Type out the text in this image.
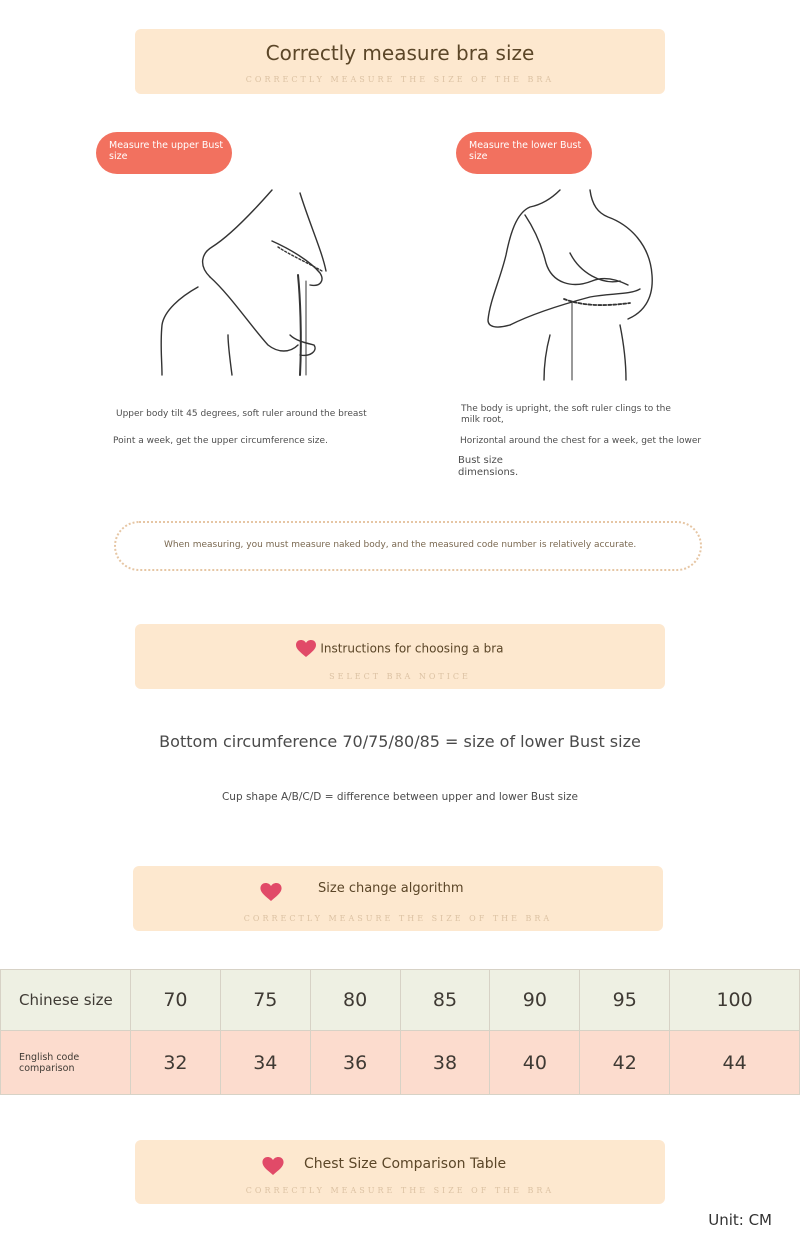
Correctly measure bra size
CORRECTLY MEASURE THE SIZE OF THE BRA
Measure the upper Bust size
Measure the lower Bust size
Upper body tilt 45 degrees, soft ruler around the breast
Point a week, get the upper circumference size.
The body is upright, the soft ruler clings to the milk root,
Horizontal around the chest for a week, get the lower
Bust size dimensions.
When measuring, you must measure naked body, and the measured code number is relatively accurate.
Instructions for choosing a bra
SELECT BRA NOTICE
Bottom circumference 70/75/80/85 = size of lower Bust size
Cup shape A/B/C/D = difference between upper and lower Bust size
Size change algorithm
CORRECTLY MEASURE THE SIZE OF THE BRA
Chinese size	70	75	80	85	90	95	100
English code comparison	32	34	36	38	40	42	44
Chest Size Comparison Table
CORRECTLY MEASURE THE SIZE OF THE BRA
Unit: CM
